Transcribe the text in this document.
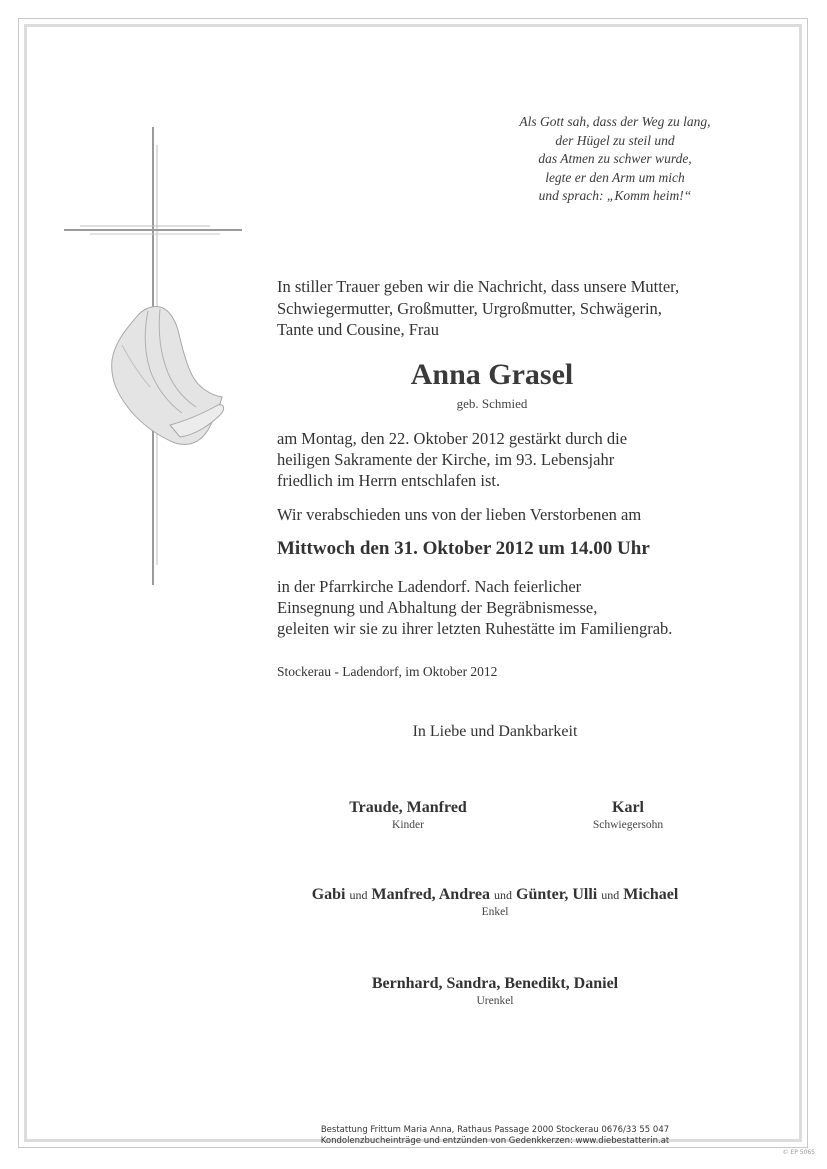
Als Gott sah, dass der Weg zu lang,
der Hügel zu steil und
das Atmen zu schwer wurde,
legte er den Arm um mich
und sprach: „Komm heim!“
In stiller Trauer geben wir die Nachricht, dass unsere Mutter,
Schwiegermutter, Großmutter, Urgroßmutter, Schwägerin,
Tante und Cousine, Frau
Anna Grasel
geb. Schmied
am Montag, den 22. Oktober 2012 gestärkt durch die
heiligen Sakramente der Kirche, im 93. Lebensjahr
friedlich im Herrn entschlafen ist.
Wir verabschieden uns von der lieben Verstorbenen am
Mittwoch den 31. Oktober 2012 um 14.00 Uhr
in der Pfarrkirche Ladendorf. Nach feierlicher
Einsegnung und Abhaltung der Begräbnismesse,
geleiten wir sie zu ihrer letzten Ruhestätte im Familiengrab.
Stockerau - Ladendorf, im Oktober 2012
In Liebe und Dankbarkeit
Traude, Manfred
Kinder
Karl
Schwiegersohn
Gabi und Manfred, Andrea und Günter, Ulli und Michael
Enkel
Bernhard, Sandra, Benedikt, Daniel
Urenkel
Bestattung Frittum Maria Anna, Rathaus Passage 2000 Stockerau 0676/33 55 047
Kondolenzbucheinträge und entzünden von Gedenkkerzen: www.diebestatterin.at
© EP 5065
